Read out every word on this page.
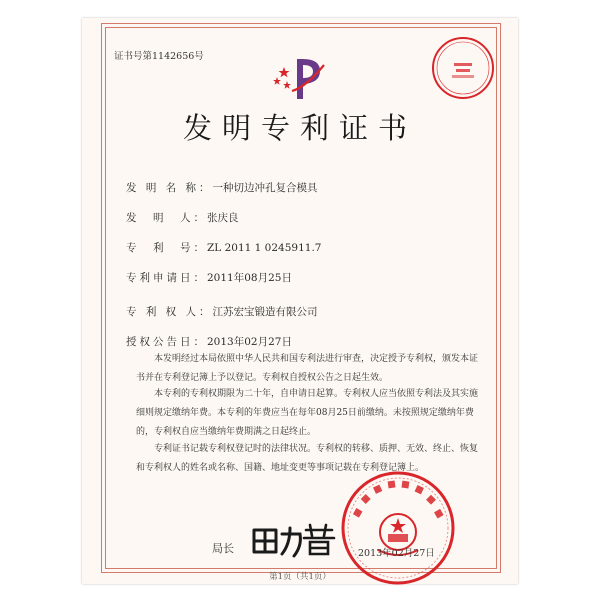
证书号第1142656号
发明专利证书
发 明 名 称：一种切边冲孔复合模具
发　明　人：张庆良
专　利　号：ZL 2011 1 0245911.7
专利申请日：2011年08月25日
专 利 权 人：江苏宏宝锻造有限公司
授权公告日：2013年02月27日
本发明经过本局依照中华人民共和国专利法进行审查，决定授予专利权，颁发本证书并在专利登记簿上予以登记。专利权自授权公告之日起生效。
本专利的专利权期限为二十年，自申请日起算。专利权人应当依照专利法及其实施细则规定缴纳年费。本专利的年费应当在每年08月25日前缴纳。未按照规定缴纳年费的，专利权自应当缴纳年费期满之日起终止。
专利证书记载专利权登记时的法律状况。专利权的转移、质押、无效、终止、恢复和专利权人的姓名或名称、国籍、地址变更等事项记载在专利登记簿上。
局长	2013年02月27日
第1页（共1页）
